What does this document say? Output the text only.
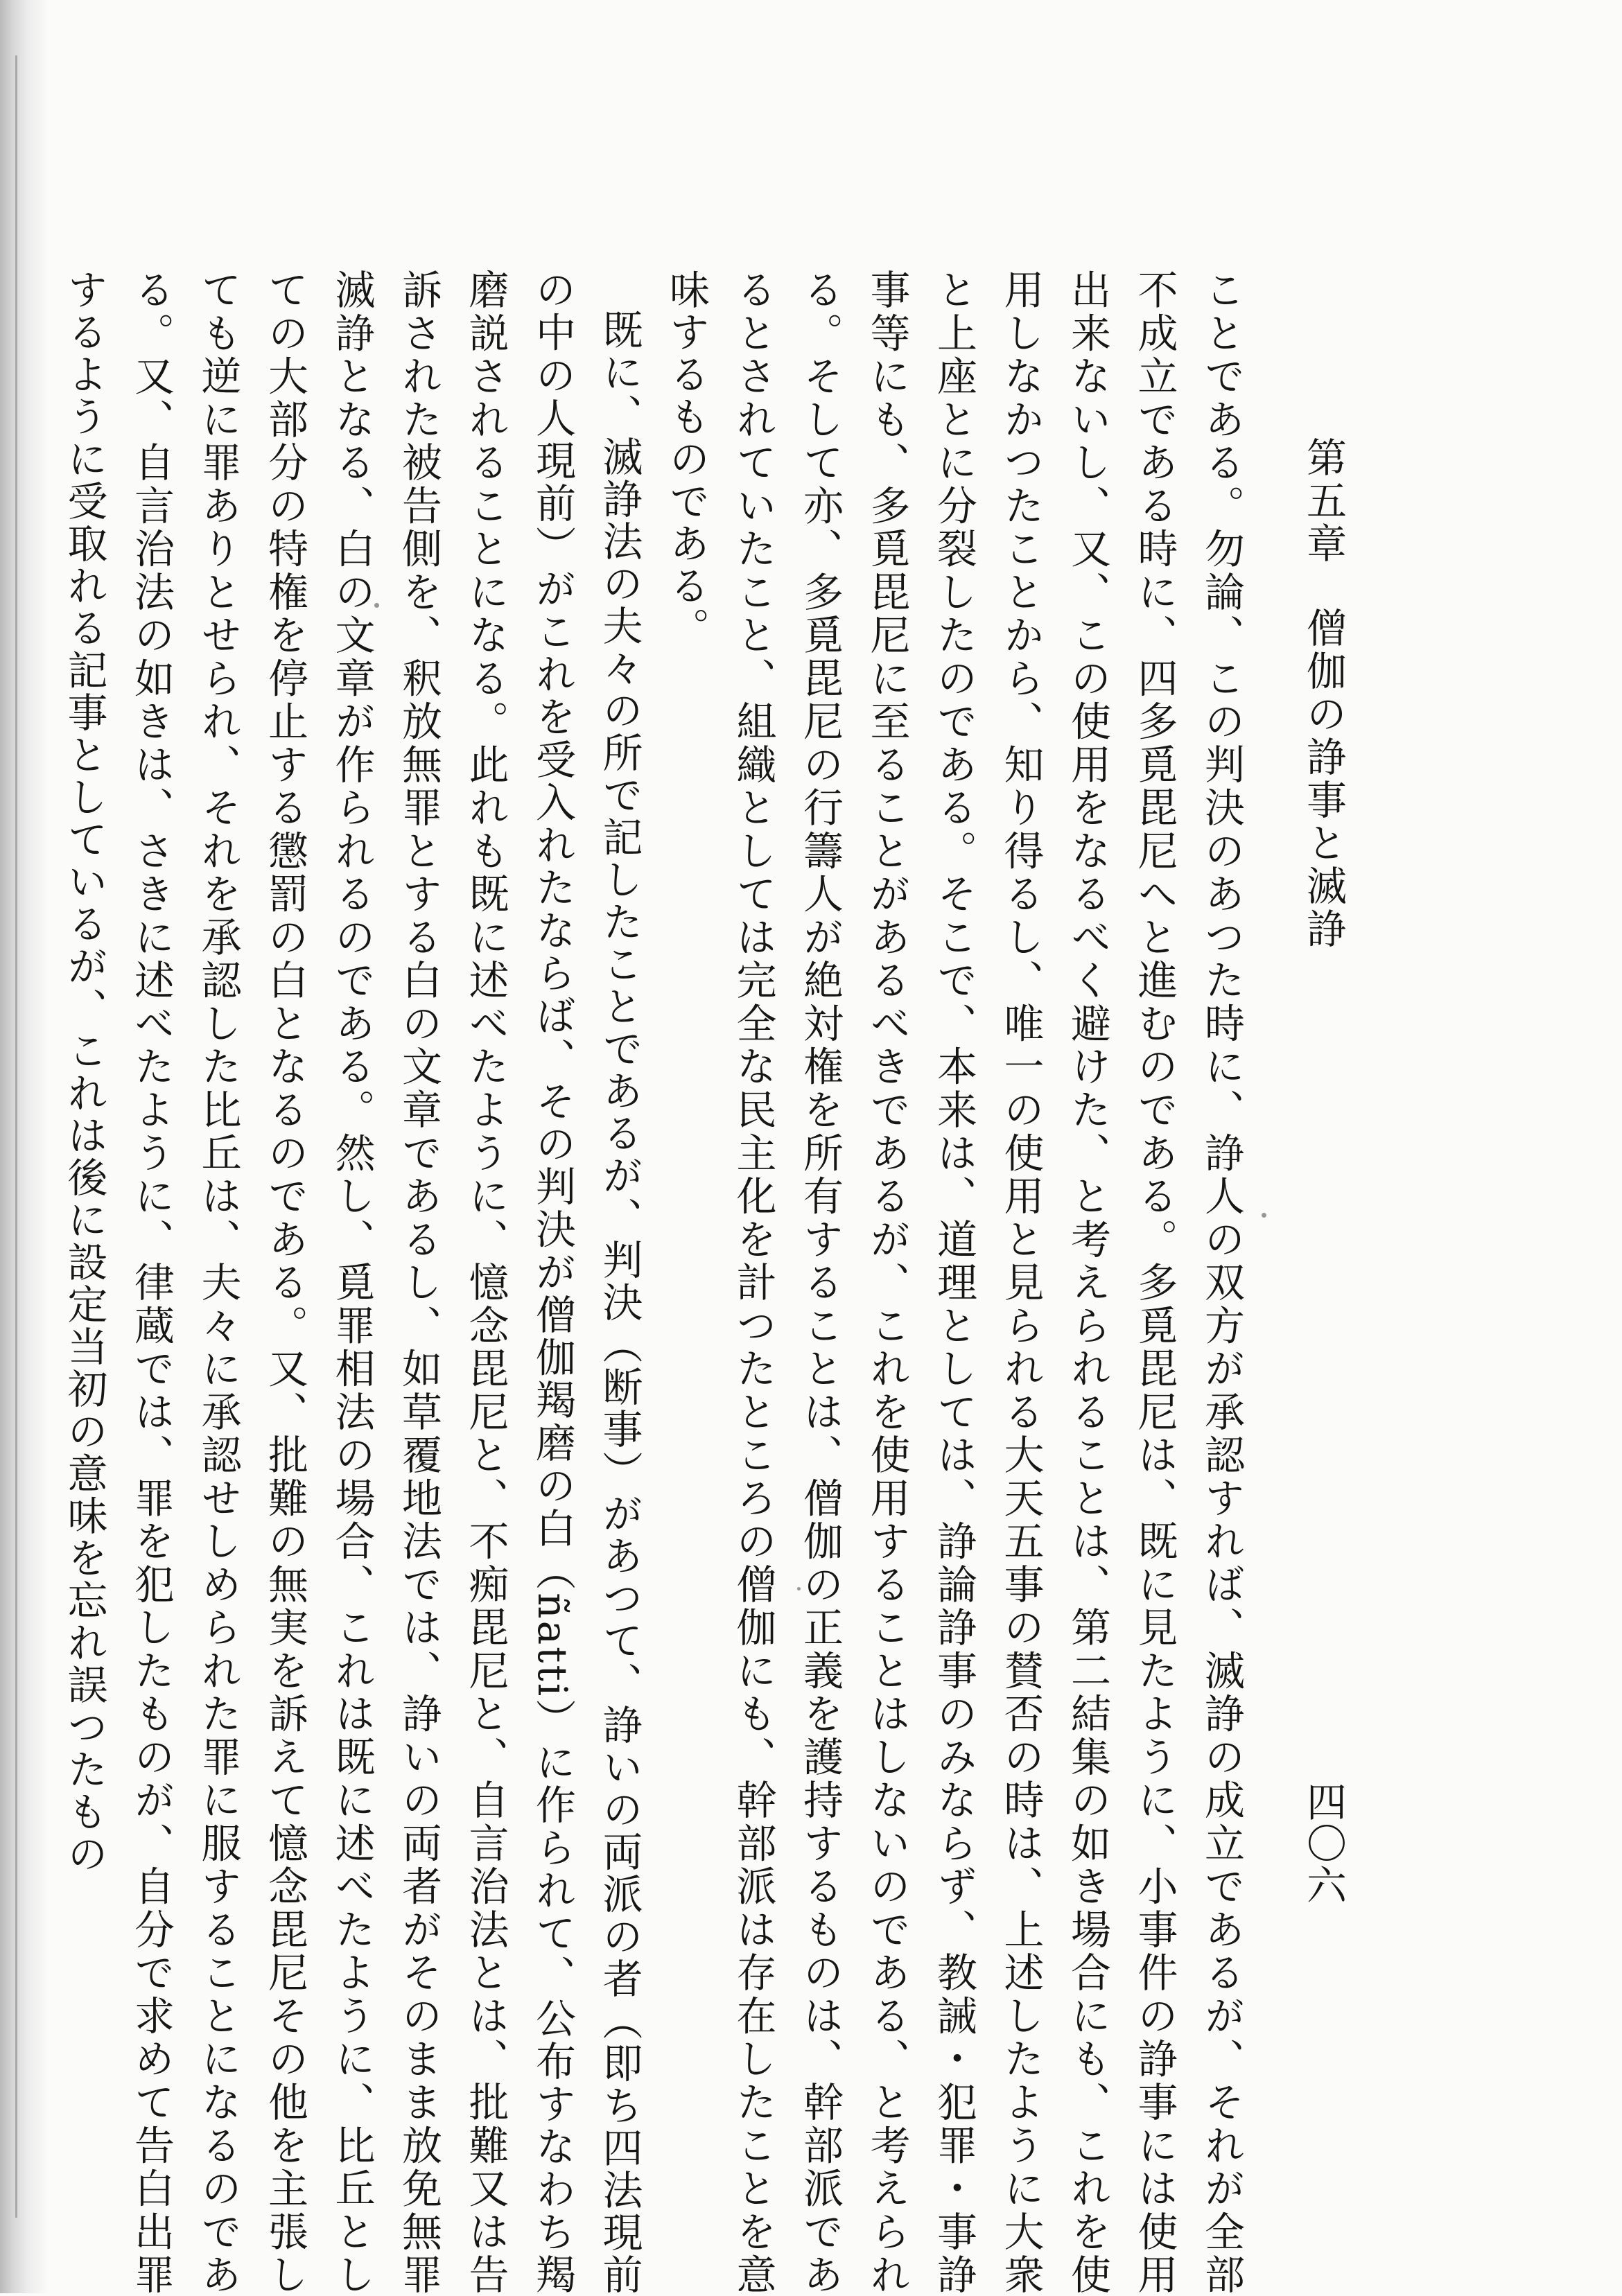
第五章僧伽の諍事と滅諍
四〇六

ことである。勿論、この判決のあつた時に、諍人の双方が承認すれば、滅諍の成立であるが、それが全部不成立である時に、四多覓毘尼へと進むのである。多覓毘尼は、既に見たように、小事件の諍事には使用出来ないし、又、この使用をなるべく避けた、と考えられることは、第二結集の如き場合にも、これを使用しなかつたことから、知り得るし、唯一の使用と見られる大天五事の賛否の時は、上述したように大衆と上座とに分裂したのである。そこで、本来は、道理としては、諍論諍事のみならず、教誡・犯罪・事諍事等にも、多覓毘尼に至ることがあるべきであるが、これを使用することはしないのである、と考えられる。そして亦、多覓毘尼の行籌人が絶対権を所有することは、僧伽の正義を護持するものは、幹部派であるとされていたこと、組織としては完全な民主化を計つたところの僧伽にも、幹部派は存在したことを意味するものである。

既に、滅諍法の夫々の所で記したことであるが、判決（断事）があつて、諍いの両派の者（即ち四法現前の中の人現前）がこれを受入れたならば、その判決が僧伽羯磨の白（ñatti）に作られて、公布すなわち羯磨説されることになる。此れも既に述べたように、憶念毘尼と、不痴毘尼と、自言治法とは、批難又は告訴された被告側を、釈放無罪とする白の文章であるし、如草覆地法では、諍いの両者がそのまま放免無罪滅諍となる、白の文章が作られるのである。然し、覓罪相法の場合、これは既に述べたように、比丘としての大部分の特権を停止する懲罰の白となるのである。又、批難の無実を訴えて憶念毘尼その他を主張しても逆に罪ありとせられ、それを承認した比丘は、夫々に承認せしめられた罪に服することになるのである。又、自言治法の如きは、さきに述べたように、律蔵では、罪を犯したものが、自分で求めて告白出罪するように受取れる記事としているが、これは後に設定当初の意味を忘れ誤つたもの
